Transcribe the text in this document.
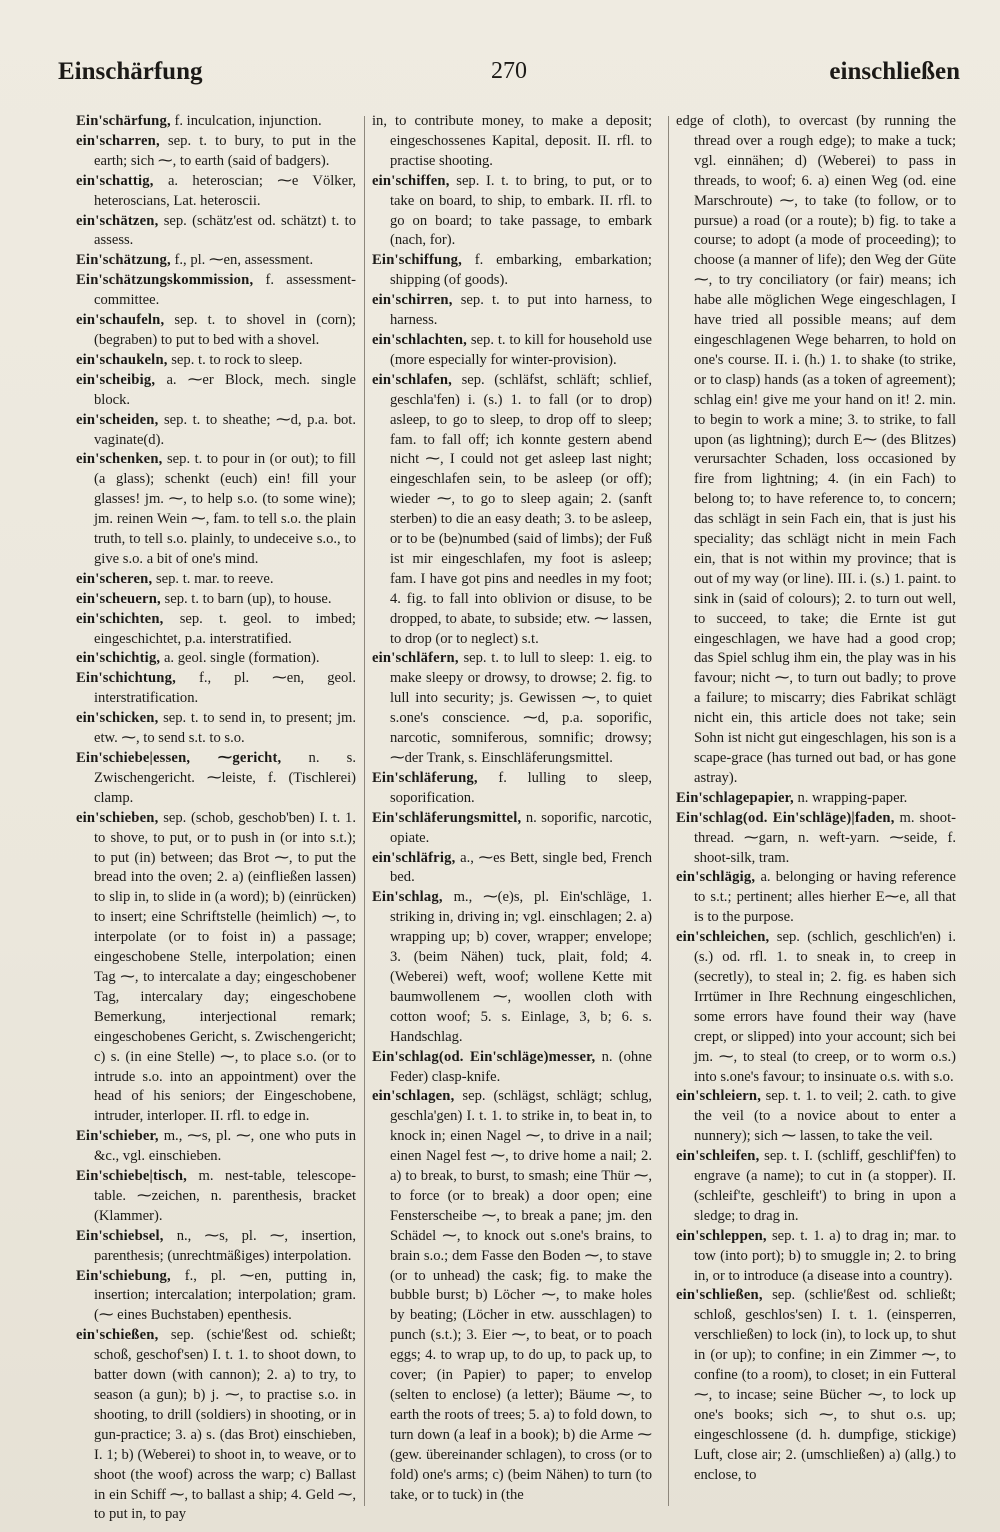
Einschärfung	270	einschließen

Ein'schärfung, f. inculcation, injunction.

ein'scharren, sep. t. to bury, to put in the earth; sich ⁓, to earth (said of badgers).

ein'schattig, a. heteroscian; ⁓e Völker, heteroscians, Lat. heteroscii.

ein'schätzen, sep. (schätz'est od. schätzt) t. to assess.

Ein'schätzung, f., pl. ⁓en, assessment.

Ein'schätzungskommission, f. assessment-committee.

ein'schaufeln, sep. t. to shovel in (corn); (begraben) to put to bed with a shovel.

ein'schaukeln, sep. t. to rock to sleep.

ein'scheibig, a. ⁓er Block, mech. single block.

ein'scheiden, sep. t. to sheathe; ⁓d, p.a. bot. vaginate(d).

ein'schenken, sep. t. to pour in (or out); to fill (a glass); schenkt (euch) ein! fill your glasses! jm. ⁓, to help s.o. (to some wine); jm. reinen Wein ⁓, fam. to tell s.o. the plain truth, to tell s.o. plainly, to undeceive s.o., to give s.o. a bit of one's mind.

ein'scheren, sep. t. mar. to reeve.

ein'scheuern, sep. t. to barn (up), to house.

ein'schichten, sep. t. geol. to imbed; eingeschichtet, p.a. interstratified.

ein'schichtig, a. geol. single (formation).

Ein'schichtung, f., pl. ⁓en, geol. interstratification.

ein'schicken, sep. t. to send in, to present; jm. etw. ⁓, to send s.t. to s.o.

Ein'schiebe|essen, ⁓gericht, n. s. Zwischengericht. ⁓leiste, f. (Tischlerei) clamp.

ein'schieben, sep. (schob, geschob'ben) I. t. 1. to shove, to put, or to push in (or into s.t.); to put (in) between; das Brot ⁓, to put the bread into the oven; 2. a) (einfließen lassen) to slip in, to slide in (a word); b) (einrücken) to insert; eine Schriftstelle (heimlich) ⁓, to interpolate (or to foist in) a passage; eingeschobene Stelle, interpolation; einen Tag ⁓, to intercalate a day; eingeschobener Tag, intercalary day; eingeschobene Bemerkung, interjectional remark; eingeschobenes Gericht, s. Zwischengericht; c) s. (in eine Stelle) ⁓, to place s.o. (or to intrude s.o. into an appointment) over the head of his seniors; der Eingeschobene, intruder, interloper. II. rfl. to edge in.

Ein'schieber, m., ⁓s, pl. ⁓, one who puts in &c., vgl. einschieben.

Ein'schiebe|tisch, m. nest-table, telescope-table. ⁓zeichen, n. parenthesis, bracket (Klammer).

Ein'schiebsel, n., ⁓s, pl. ⁓, insertion, parenthesis; (unrechtmäßiges) interpolation.

Ein'schiebung, f., pl. ⁓en, putting in, insertion; intercalation; interpolation; gram. (⁓ eines Buchstaben) epenthesis.

ein'schießen, sep. (schie'ßest od. schießt; schoß, geschof'sen) I. t. 1. to shoot down, to batter down (with cannon); 2. a) to try, to season (a gun); b) j. ⁓, to practise s.o. in shooting, to drill (soldiers) in shooting, or in gun-practice; 3. a) s. (das Brot) einschieben, I. 1; b) (Weberei) to shoot in, to weave, or to shoot (the woof) across the warp; c) Ballast in ein Schiff ⁓, to ballast a ship; 4. Geld ⁓, to put in, to pay

in, to contribute money, to make a deposit; eingeschossenes Kapital, deposit. II. rfl. to practise shooting.

ein'schiffen, sep. I. t. to bring, to put, or to take on board, to ship, to embark. II. rfl. to go on board; to take passage, to embark (nach, for).

Ein'schiffung, f. embarking, embarkation; shipping (of goods).

ein'schirren, sep. t. to put into harness, to harness.

ein'schlachten, sep. t. to kill for household use (more especially for winter-provision).

ein'schlafen, sep. (schläfst, schläft; schlief, geschla'fen) i. (s.) 1. to fall (or to drop) asleep, to go to sleep, to drop off to sleep; fam. to fall off; ich konnte gestern abend nicht ⁓, I could not get asleep last night; eingeschlafen sein, to be asleep (or off); wieder ⁓, to go to sleep again; 2. (sanft sterben) to die an easy death; 3. to be asleep, or to be (be)numbed (said of limbs); der Fuß ist mir eingeschlafen, my foot is asleep; fam. I have got pins and needles in my foot; 4. fig. to fall into oblivion or disuse, to be dropped, to abate, to subside; etw. ⁓ lassen, to drop (or to neglect) s.t.

ein'schläfern, sep. t. to lull to sleep: 1. eig. to make sleepy or drowsy, to drowse; 2. fig. to lull into security; js. Gewissen ⁓, to quiet s.one's conscience. ⁓d, p.a. soporific, narcotic, somniferous, somnific; drowsy; ⁓der Trank, s. Einschläferungsmittel.

Ein'schläferung, f. lulling to sleep, soporification.

Ein'schläferungsmittel, n. soporific, narcotic, opiate.

ein'schläfrig, a., ⁓es Bett, single bed, French bed.

Ein'schlag, m., ⁓(e)s, pl. Ein'schläge, 1. striking in, driving in; vgl. einschlagen; 2. a) wrapping up; b) cover, wrapper; envelope; 3. (beim Nähen) tuck, plait, fold; 4. (Weberei) weft, woof; wollene Kette mit baumwollenem ⁓, woollen cloth with cotton woof; 5. s. Einlage, 3, b; 6. s. Handschlag.

Ein'schlag(od. Ein'schläge)messer, n. (ohne Feder) clasp-knife.

ein'schlagen, sep. (schlägst, schlägt; schlug, geschla'gen) I. t. 1. to strike in, to beat in, to knock in; einen Nagel ⁓, to drive in a nail; einen Nagel fest ⁓, to drive home a nail; 2. a) to break, to burst, to smash; eine Thür ⁓, to force (or to break) a door open; eine Fensterscheibe ⁓, to break a pane; jm. den Schädel ⁓, to knock out s.one's brains, to brain s.o.; dem Fasse den Boden ⁓, to stave (or to unhead) the cask; fig. to make the bubble burst; b) Löcher ⁓, to make holes by beating; (Löcher in etw. ausschlagen) to punch (s.t.); 3. Eier ⁓, to beat, or to poach eggs; 4. to wrap up, to do up, to pack up, to cover; (in Papier) to paper; to envelop (selten to enclose) (a letter); Bäume ⁓, to earth the roots of trees; 5. a) to fold down, to turn down (a leaf in a book); b) die Arme ⁓ (gew. übereinander schlagen), to cross (or to fold) one's arms; c) (beim Nähen) to turn (to take, or to tuck) in (the

edge of cloth), to overcast (by running the thread over a rough edge); to make a tuck; vgl. einnähen; d) (Weberei) to pass in threads, to woof; 6. a) einen Weg (od. eine Marschroute) ⁓, to take (to follow, or to pursue) a road (or a route); b) fig. to take a course; to adopt (a mode of proceeding); to choose (a manner of life); den Weg der Güte ⁓, to try conciliatory (or fair) means; ich habe alle möglichen Wege eingeschlagen, I have tried all possible means; auf dem eingeschlagenen Wege beharren, to hold on one's course. II. i. (h.) 1. to shake (to strike, or to clasp) hands (as a token of agreement); schlag ein! give me your hand on it! 2. min. to begin to work a mine; 3. to strike, to fall upon (as lightning); durch E⁓ (des Blitzes) verursachter Schaden, loss occasioned by fire from lightning; 4. (in ein Fach) to belong to; to have reference to, to concern; das schlägt in sein Fach ein, that is just his speciality; das schlägt nicht in mein Fach ein, that is not within my province; that is out of my way (or line). III. i. (s.) 1. paint. to sink in (said of colours); 2. to turn out well, to succeed, to take; die Ernte ist gut eingeschlagen, we have had a good crop; das Spiel schlug ihm ein, the play was in his favour; nicht ⁓, to turn out badly; to prove a failure; to miscarry; dies Fabrikat schlägt nicht ein, this article does not take; sein Sohn ist nicht gut eingeschlagen, his son is a scape-grace (has turned out bad, or has gone astray).

Ein'schlagepapier, n. wrapping-paper.

Ein'schlag(od. Ein'schläge)|faden, m. shoot-thread. ⁓garn, n. weft-yarn. ⁓seide, f. shoot-silk, tram.

ein'schlägig, a. belonging or having reference to s.t.; pertinent; alles hierher E⁓e, all that is to the purpose.

ein'schleichen, sep. (schlich, geschlich'en) i. (s.) od. rfl. 1. to sneak in, to creep in (secretly), to steal in; 2. fig. es haben sich Irrtümer in Ihre Rechnung eingeschlichen, some errors have found their way (have crept, or slipped) into your account; sich bei jm. ⁓, to steal (to creep, or to worm o.s.) into s.one's favour; to insinuate o.s. with s.o.

ein'schleiern, sep. t. 1. to veil; 2. cath. to give the veil (to a novice about to enter a nunnery); sich ⁓ lassen, to take the veil.

ein'schleifen, sep. t. I. (schliff, geschlif'fen) to engrave (a name); to cut in (a stopper). II. (schleif'te, geschleift') to bring in upon a sledge; to drag in.

ein'schleppen, sep. t. 1. a) to drag in; mar. to tow (into port); b) to smuggle in; 2. to bring in, or to introduce (a disease into a country).

ein'schließen, sep. (schlie'ßest od. schließt; schloß, geschlos'sen) I. t. 1. (einsperren, verschließen) to lock (in), to lock up, to shut in (or up); to confine; in ein Zimmer ⁓, to confine (to a room), to closet; in ein Futteral ⁓, to incase; seine Bücher ⁓, to lock up one's books; sich ⁓, to shut o.s. up; eingeschlossene (d. h. dumpfige, stickige) Luft, close air; 2. (umschließen) a) (allg.) to enclose, to
